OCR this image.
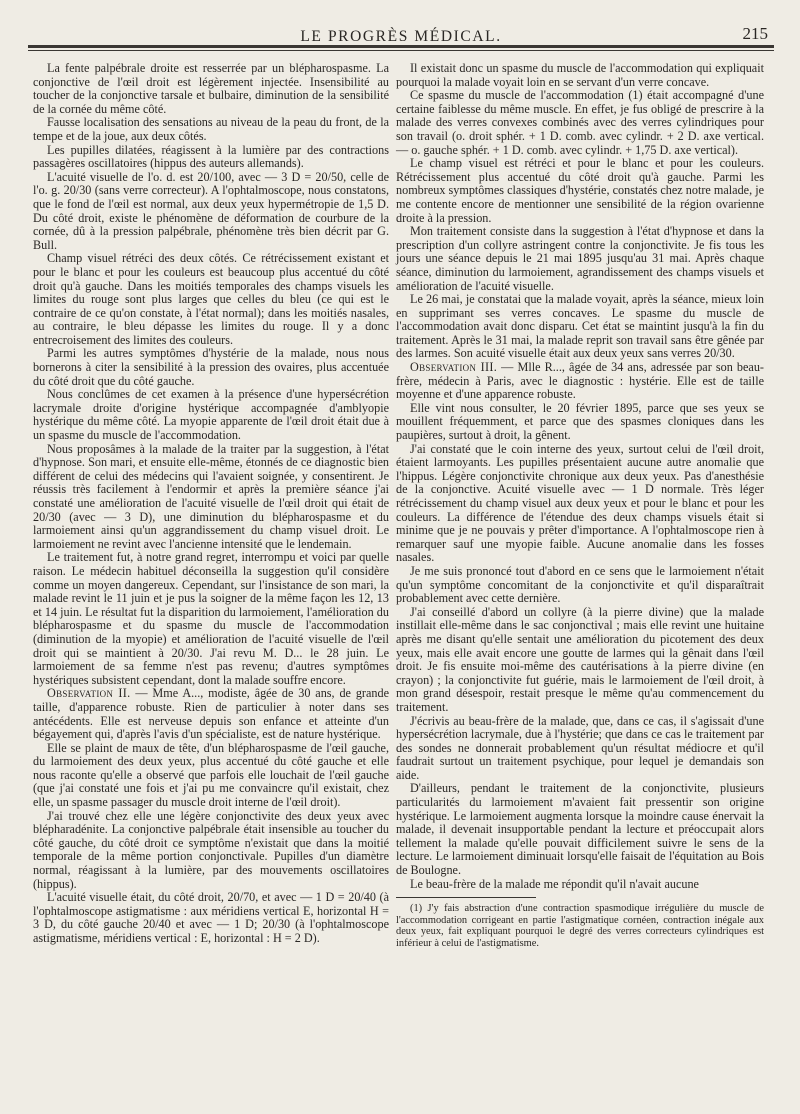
LE PROGRÈS MÉDICAL.	215

La fente palpébrale droite est resserrée par un blépharospasme. La conjonctive de l'œil droit est légèrement injectée. Insensibilité au toucher de la conjonctive tarsale et bulbaire, diminution de la sensibilité de la cornée du même côté.

Fausse localisation des sensations au niveau de la peau du front, de la tempe et de la joue, aux deux côtés.

Les pupilles dilatées, réagissent à la lumière par des contractions passagères oscillatoires (hippus des auteurs allemands).

L'acuité visuelle de l'o. d. est 20/100, avec — 3 D = 20/50, celle de l'o. g. 20/30 (sans verre correcteur). A l'ophtalmoscope, nous constatons, que le fond de l'œil est normal, aux deux yeux hypermétropie de 1,5 D. Du côté droit, existe le phénomène de déformation de courbure de la cornée, dû à la pression palpébrale, phénomène très bien décrit par G. Bull.

Champ visuel rétréci des deux côtés. Ce rétrécissement existant et pour le blanc et pour les couleurs est beaucoup plus accentué du côté droit qu'à gauche. Dans les moitiés temporales des champs visuels les limites du rouge sont plus larges que celles du bleu (ce qui est le contraire de ce qu'on constate, à l'état normal); dans les moitiés nasales, au contraire, le bleu dépasse les limites du rouge. Il y a donc entrecroisement des limites des couleurs.

Parmi les autres symptômes d'hystérie de la malade, nous nous bornerons à citer la sensibilité à la pression des ovaires, plus accentuée du côté droit que du côté gauche.

Nous conclûmes de cet examen à la présence d'une hypersécrétion lacrymale droite d'origine hystérique accompagnée d'amblyopie hystérique du même côté. La myopie apparente de l'œil droit était due à un spasme du muscle de l'accommodation.

Nous proposâmes à la malade de la traiter par la suggestion, à l'état d'hypnose. Son mari, et ensuite elle-même, étonnés de ce diagnostic bien différent de celui des médecins qui l'avaient soignée, y consentirent. Je réussis très facilement à l'endormir et après la première séance j'ai constaté une amélioration de l'acuité visuelle de l'œil droit qui était de 20/30 (avec — 3 D), une diminution du blépharospasme et du larmoiement ainsi qu'un aggrandissement du champ visuel droit. Le larmoiement ne revint avec l'ancienne intensité que le lendemain.

Le traitement fut, à notre grand regret, interrompu et voici par quelle raison. Le médecin habituel déconseilla la suggestion qu'il considère comme un moyen dangereux. Cependant, sur l'insistance de son mari, la malade revint le 11 juin et je pus la soigner de la même façon les 12, 13 et 14 juin. Le résultat fut la disparition du larmoiement, l'amélioration du blépharospasme et du spasme du muscle de l'accommodation (diminution de la myopie) et amélioration de l'acuité visuelle de l'œil droit qui se maintient à 20/30. J'ai revu M. D... le 28 juin. Le larmoiement de sa femme n'est pas revenu; d'autres symptômes hystériques subsistent cependant, dont la malade souffre encore.

Observation II. — Mme A..., modiste, âgée de 30 ans, de grande taille, d'apparence robuste. Rien de particulier à noter dans ses antécédents. Elle est nerveuse depuis son enfance et atteinte d'un bégayement qui, d'après l'avis d'un spécialiste, est de nature hystérique.

Elle se plaint de maux de tête, d'un blépharospasme de l'œil gauche, du larmoiement des deux yeux, plus accentué du côté gauche et elle nous raconte qu'elle a observé que parfois elle louchait de l'œil gauche (que j'ai constaté une fois et j'ai pu me convaincre qu'il existait, chez elle, un spasme passager du muscle droit interne de l'œil droit).

J'ai trouvé chez elle une légère conjonctivite des deux yeux avec blépharadénite. La conjonctive palpébrale était insensible au toucher du côté gauche, du côté droit ce symptôme n'existait que dans la moitié temporale de la même portion conjonctivale. Pupilles d'un diamètre normal, réagissant à la lumière, par des mouvements oscillatoires (hippus).

L'acuité visuelle était, du côté droit, 20/70, et avec — 1 D = 20/40 (à l'ophtalmoscope astigmatisme : aux méridiens vertical E, horizontal H = 3 D, du côté gauche 20/40 et avec — 1 D; 20/30 (à l'ophtalmoscope astigmatisme, méridiens vertical : E, horizontal : H = 2 D).

Il existait donc un spasme du muscle de l'accommodation qui expliquait pourquoi la malade voyait loin en se servant d'un verre concave.

Ce spasme du muscle de l'accommodation (1) était accompagné d'une certaine faiblesse du même muscle. En effet, je fus obligé de prescrire à la malade des verres convexes combinés avec des verres cylindriques pour son travail (o. droit sphér. + 1 D. comb. avec cylindr. + 2 D. axe vertical. — o. gauche sphér. + 1 D. comb. avec cylindr. + 1,75 D. axe vertical).

Le champ visuel est rétréci et pour le blanc et pour les couleurs. Rétrécissement plus accentué du côté droit qu'à gauche. Parmi les nombreux symptômes classiques d'hystérie, constatés chez notre malade, je me contente encore de mentionner une sensibilité de la région ovarienne droite à la pression.

Mon traitement consiste dans la suggestion à l'état d'hypnose et dans la prescription d'un collyre astringent contre la conjonctivite. Je fis tous les jours une séance depuis le 21 mai 1895 jusqu'au 31 mai. Après chaque séance, diminution du larmoiement, agrandissement des champs visuels et amélioration de l'acuité visuelle.

Le 26 mai, je constatai que la malade voyait, après la séance, mieux loin en supprimant ses verres concaves. Le spasme du muscle de l'accommodation avait donc disparu. Cet état se maintint jusqu'à la fin du traitement. Après le 31 mai, la malade reprit son travail sans être gênée par des larmes. Son acuité visuelle était aux deux yeux sans verres 20/30.

Observation III. — Mlle R..., âgée de 34 ans, adressée par son beau-frère, médecin à Paris, avec le diagnostic : hystérie. Elle est de taille moyenne et d'une apparence robuste.

Elle vint nous consulter, le 20 février 1895, parce que ses yeux se mouillent fréquemment, et parce que des spasmes cloniques dans les paupières, surtout à droit, la gênent.

J'ai constaté que le coin interne des yeux, surtout celui de l'œil droit, étaient larmoyants. Les pupilles présentaient aucune autre anomalie que l'hippus. Légère conjonctivite chronique aux deux yeux. Pas d'anesthésie de la conjonctive. Acuité visuelle avec — 1 D normale. Très léger rétrécissement du champ visuel aux deux yeux et pour le blanc et pour les couleurs. La différence de l'étendue des deux champs visuels était si minime que je ne pouvais y prêter d'importance. A l'ophtalmoscope rien à remarquer sauf une myopie faible. Aucune anomalie dans les fosses nasales.

Je me suis prononcé tout d'abord en ce sens que le larmoiement n'était qu'un symptôme concomitant de la conjonctivite et qu'il disparaîtrait probablement avec cette dernière.

J'ai conseillé d'abord un collyre (à la pierre divine) que la malade instillait elle-même dans le sac conjonctival ; mais elle revint une huitaine après me disant qu'elle sentait une amélioration du picotement des deux yeux, mais elle avait encore une goutte de larmes qui la gênait dans l'œil droit. Je fis ensuite moi-même des cautérisations à la pierre divine (en crayon) ; la conjonctivite fut guérie, mais le larmoiement de l'œil droit, à mon grand désespoir, restait presque le même qu'au commencement du traitement.

J'écrivis au beau-frère de la malade, que, dans ce cas, il s'agissait d'une hypersécrétion lacrymale, due à l'hystérie; que dans ce cas le traitement par des sondes ne donnerait probablement qu'un résultat médiocre et qu'il faudrait surtout un traitement psychique, pour lequel je demandais son aide.

D'ailleurs, pendant le traitement de la conjonctivite, plusieurs particularités du larmoiement m'avaient fait pressentir son origine hystérique. Le larmoiement augmenta lorsque la moindre cause énervait la malade, il devenait insupportable pendant la lecture et préoccupait alors tellement la malade qu'elle pouvait difficilement suivre le sens de la lecture. Le larmoiement diminuait lorsqu'elle faisait de l'équitation au Bois de Boulogne.

Le beau-frère de la malade me répondit qu'il n'avait aucune

(1) J'y fais abstraction d'une contraction spasmodique irrégulière du muscle de l'accommodation corrigeant en partie l'astigmatique cornéen, contraction inégale aux deux yeux, fait expliquant pourquoi le degré des verres correcteurs cylindriques est inférieur à celui de l'astigmatisme.
